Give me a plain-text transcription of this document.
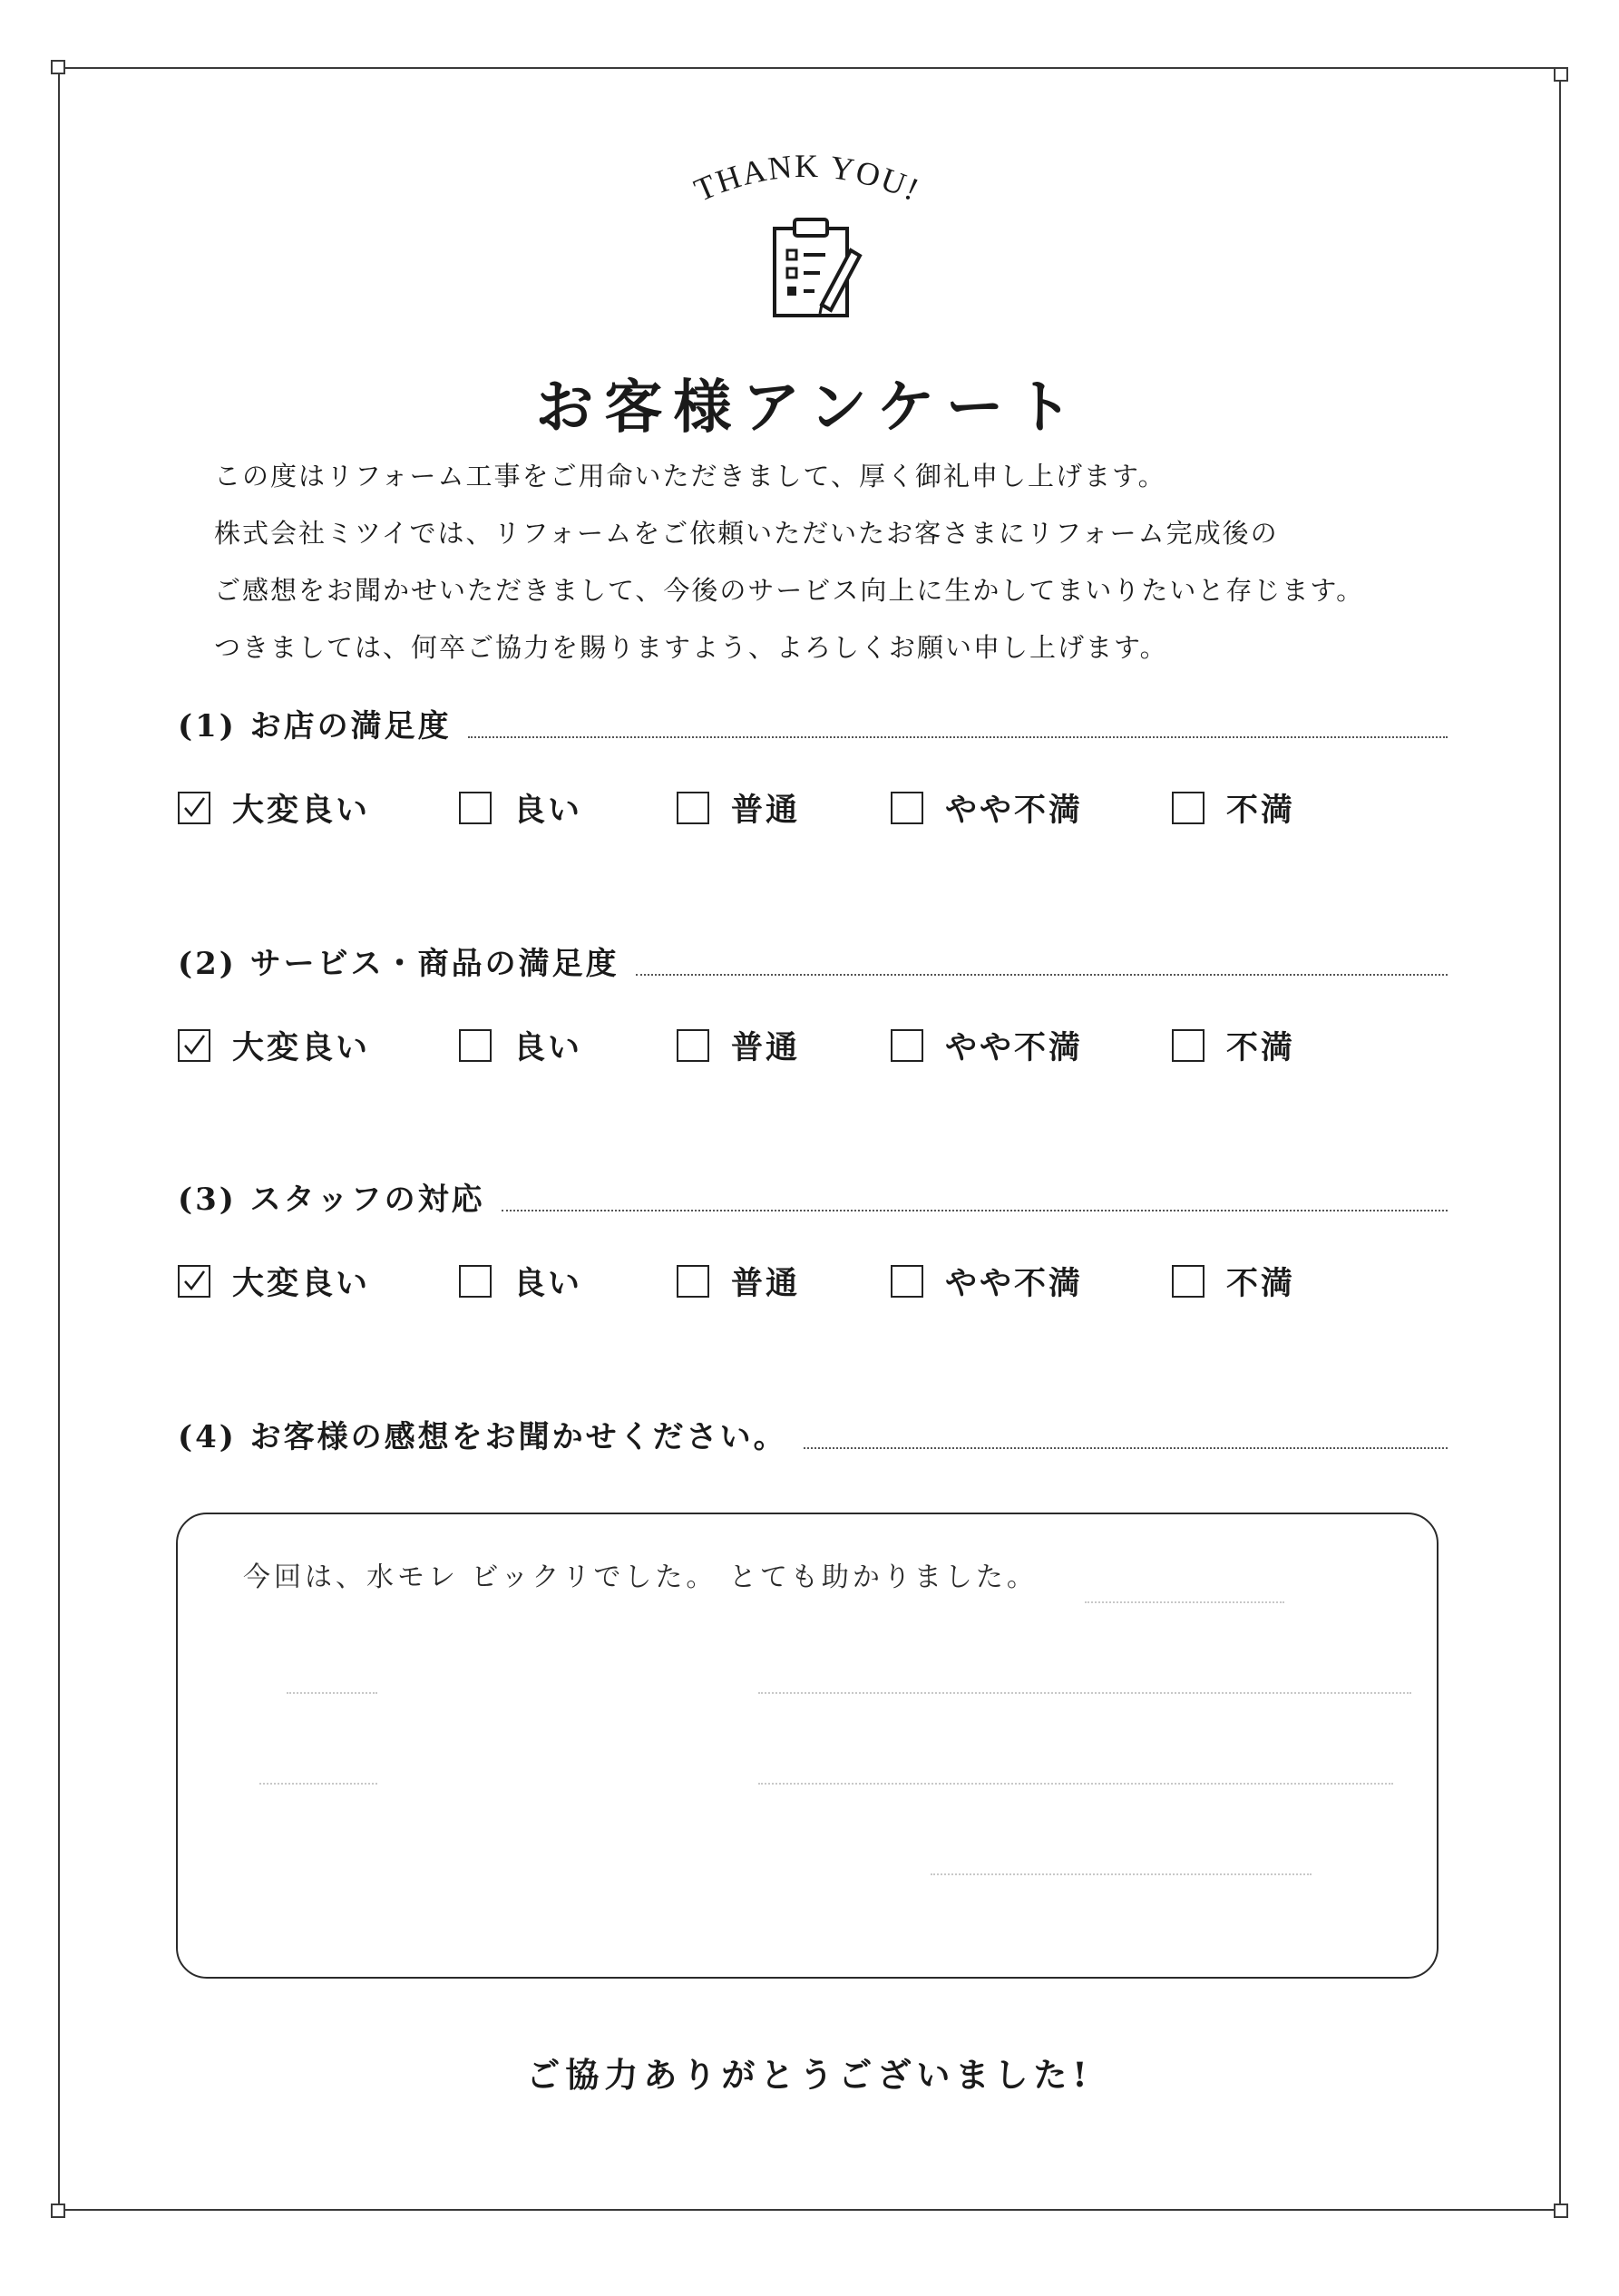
THANK YOU!
お客様アンケート

この度はリフォーム工事をご用命いただきまして、厚く御礼申し上げます。

株式会社ミツイでは、リフォームをご依頼いただいたお客さまにリフォーム完成後の

ご感想をお聞かせいただきまして、今後のサービス向上に生かしてまいりたいと存じます。

つきましては、何卒ご協力を賜りますよう、よろしくお願い申し上げます。

(1) お店の満足度
大変良い	良い	普通	やや不満	不満
(2) サービス・商品の満足度
大変良い	良い	普通	やや不満	不満
(3) スタッフの対応
大変良い	良い	普通	やや不満	不満
(4) お客様の感想をお聞かせください。
今回は、水モレ ビックリでした。 とても助かりました。
ご協力ありがとうございました!
